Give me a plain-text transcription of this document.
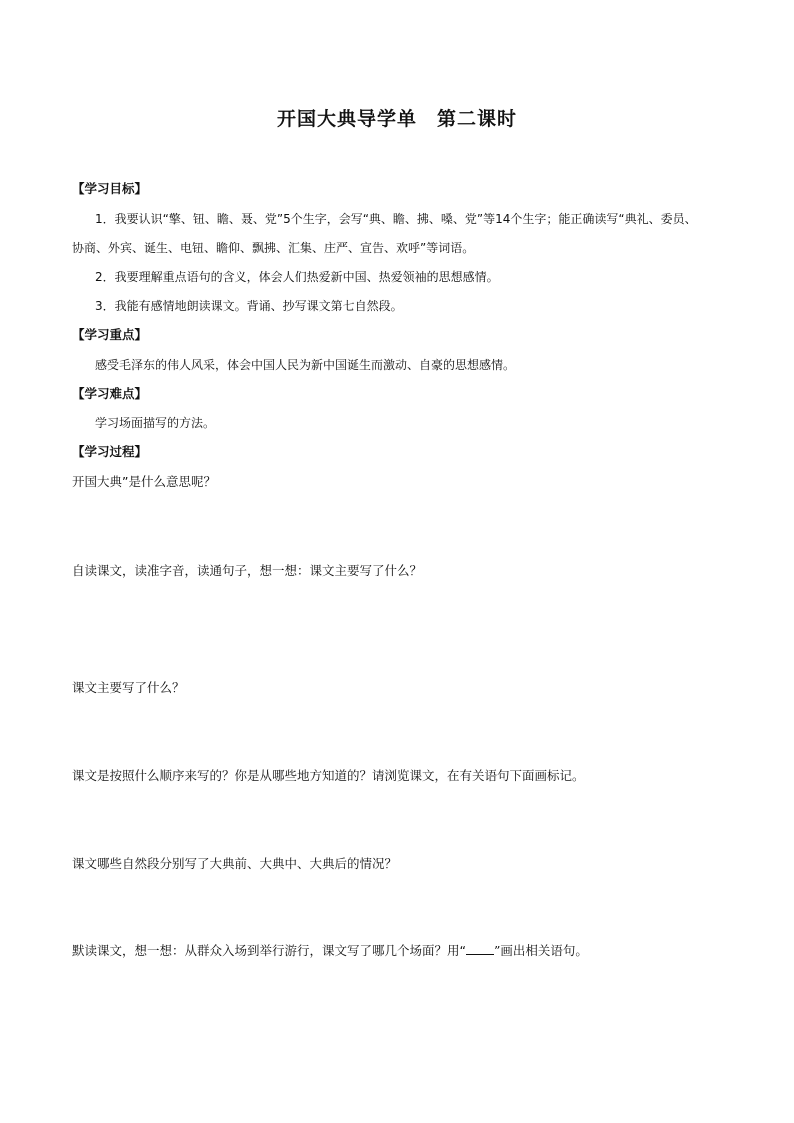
开国大典导学单　第二课时
【学习目标】
1．我要认识“擎、钮、瞻、聂、党”5个生字，会写“典、瞻、拂、嗓、党”等14个生字；能正确读写“典礼、委员、
协商、外宾、诞生、电钮、瞻仰、飘拂、汇集、庄严、宣告、欢呼”等词语。
2．我要理解重点语句的含义，体会人们热爱新中国、热爱领袖的思想感情。
3．我能有感情地朗读课文。背诵、抄写课文第七自然段。
【学习重点】
感受毛泽东的伟人风采，体会中国人民为新中国诞生而激动、自豪的思想感情。
【学习难点】
学习场面描写的方法。
【学习过程】
开国大典”是什么意思呢？
自读课文，读准字音，读通句子，想一想：课文主要写了什么？
课文主要写了什么？
课文是按照什么顺序来写的？你是从哪些地方知道的？请浏览课文，在有关语句下面画标记。
课文哪些自然段分别写了大典前、大典中、大典后的情况？
默读课文，想一想：从群众入场到举行游行，课文写了哪几个场面？用“ ”画出相关语句。
